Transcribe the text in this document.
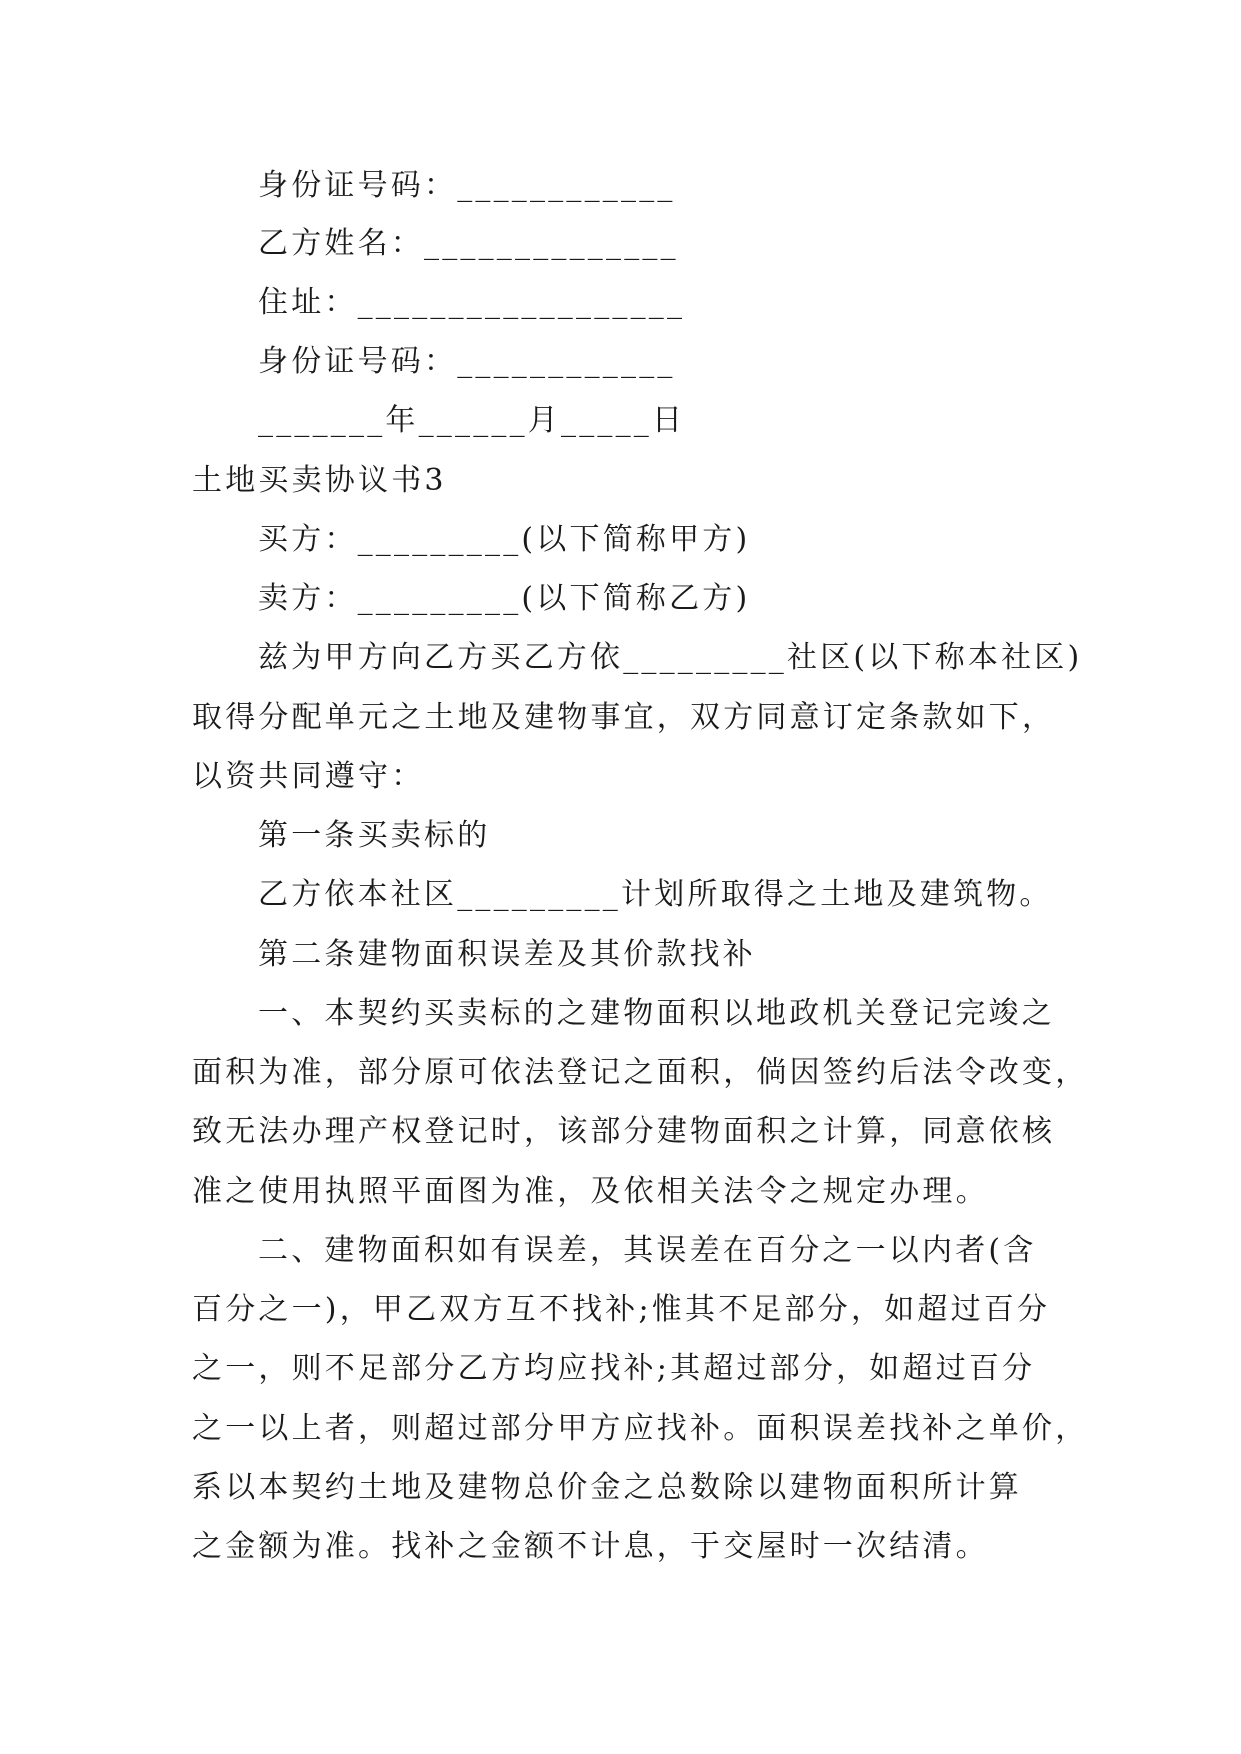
身份证号码：____________
乙方姓名：______________
住址：__________________
身份证号码：____________
_______年______月_____日
土地买卖协议书3
买方：_________(以下简称甲方)
卖方：_________(以下简称乙方)
兹为甲方向乙方买乙方依_________社区(以下称本社区)
取得分配单元之土地及建物事宜，双方同意订定条款如下，
以资共同遵守：
第一条买卖标的
乙方依本社区_________计划所取得之土地及建筑物。
第二条建物面积误差及其价款找补
一、本契约买卖标的之建物面积以地政机关登记完竣之
面积为准，部分原可依法登记之面积，倘因签约后法令改变，
致无法办理产权登记时，该部分建物面积之计算，同意依核
准之使用执照平面图为准，及依相关法令之规定办理。
二、建物面积如有误差，其误差在百分之一以内者(含
百分之一)，甲乙双方互不找补;惟其不足部分，如超过百分
之一，则不足部分乙方均应找补;其超过部分，如超过百分
之一以上者，则超过部分甲方应找补。面积误差找补之单价，
系以本契约土地及建物总价金之总数除以建物面积所计算
之金额为准。找补之金额不计息，于交屋时一次结清。
